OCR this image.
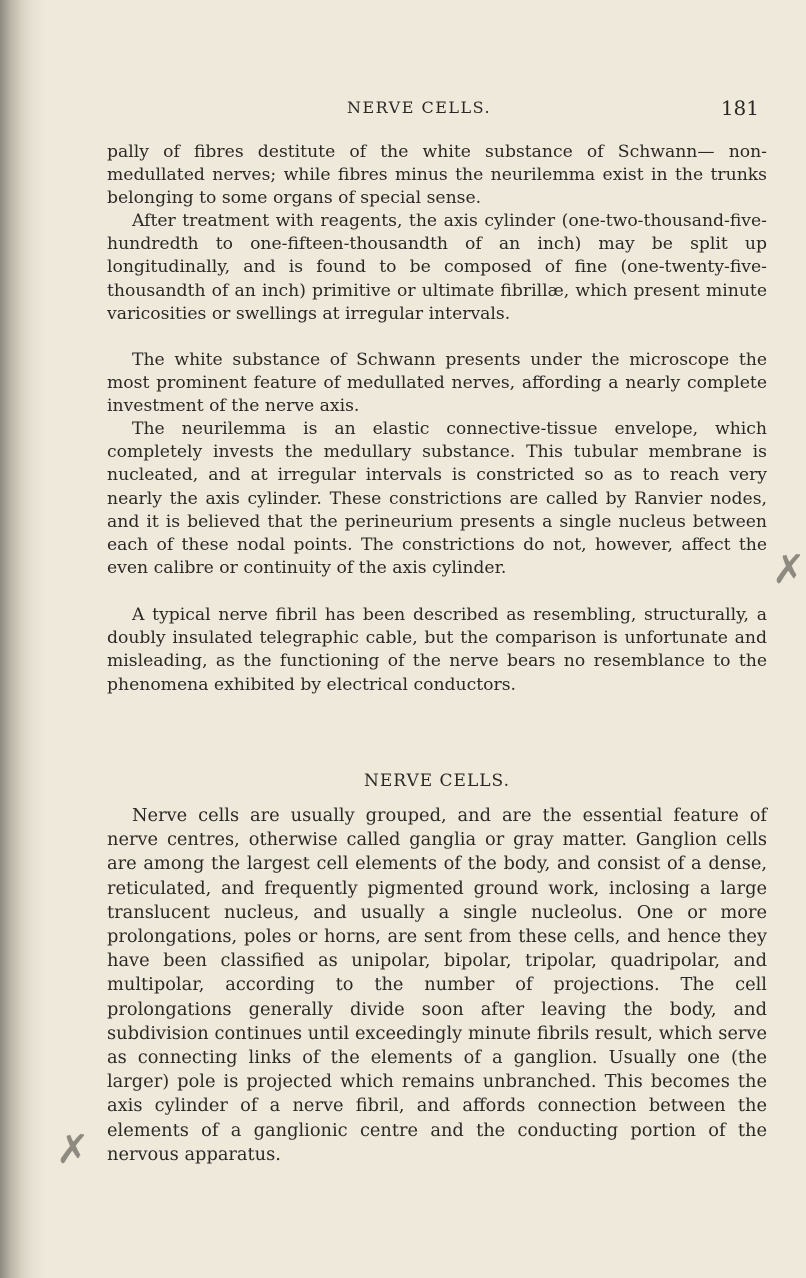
NERVE CELLS.	181

pally of fibres destitute of the white substance of Schwann— non-medullated nerves; while fibres minus the neurilemma exist in the trunks belonging to some organs of special sense.

After treatment with reagents, the axis cylinder (one-two-thousand-five-hundredth to one-fifteen-thousandth of an inch) may be split up longitudinally, and is found to be composed of fine (one-twenty-five-thousandth of an inch) primitive or ultimate fibrillæ, which present minute varicosities or swellings at irregular intervals.

The white substance of Schwann presents under the microscope the most prominent feature of medullated nerves, affording a nearly complete investment of the nerve axis.

The neurilemma is an elastic connective-tissue envelope, which completely invests the medullary substance. This tubular membrane is nucleated, and at irregular intervals is constricted so as to reach very nearly the axis cylinder. These constrictions are called by Ranvier nodes, and it is believed that the perineurium presents a single nucleus between each of these nodal points. The constrictions do not, however, affect the even calibre or continuity of the axis cylinder.

A typical nerve fibril has been described as resembling, structurally, a doubly insulated telegraphic cable, but the comparison is unfortunate and misleading, as the functioning of the nerve bears no resemblance to the phenomena exhibited by electrical conductors.

NERVE CELLS.

Nerve cells are usually grouped, and are the essential feature of nerve centres, otherwise called ganglia or gray matter. Ganglion cells are among the largest cell elements of the body, and consist of a dense, reticulated, and frequently pigmented ground work, inclosing a large translucent nucleus, and usually a single nucleolus. One or more prolongations, poles or horns, are sent from these cells, and hence they have been classified as unipolar, bipolar, tripolar, quadripolar, and multipolar, according to the number of projections. The cell prolongations generally divide soon after leaving the body, and subdivision continues until exceedingly minute fibrils result, which serve as connecting links of the elements of a ganglion. Usually one (the larger) pole is projected which remains unbranched. This becomes the axis cylinder of a nerve fibril, and affords connection between the elements of a ganglionic centre and the conducting portion of the nervous apparatus.

✗
✗
